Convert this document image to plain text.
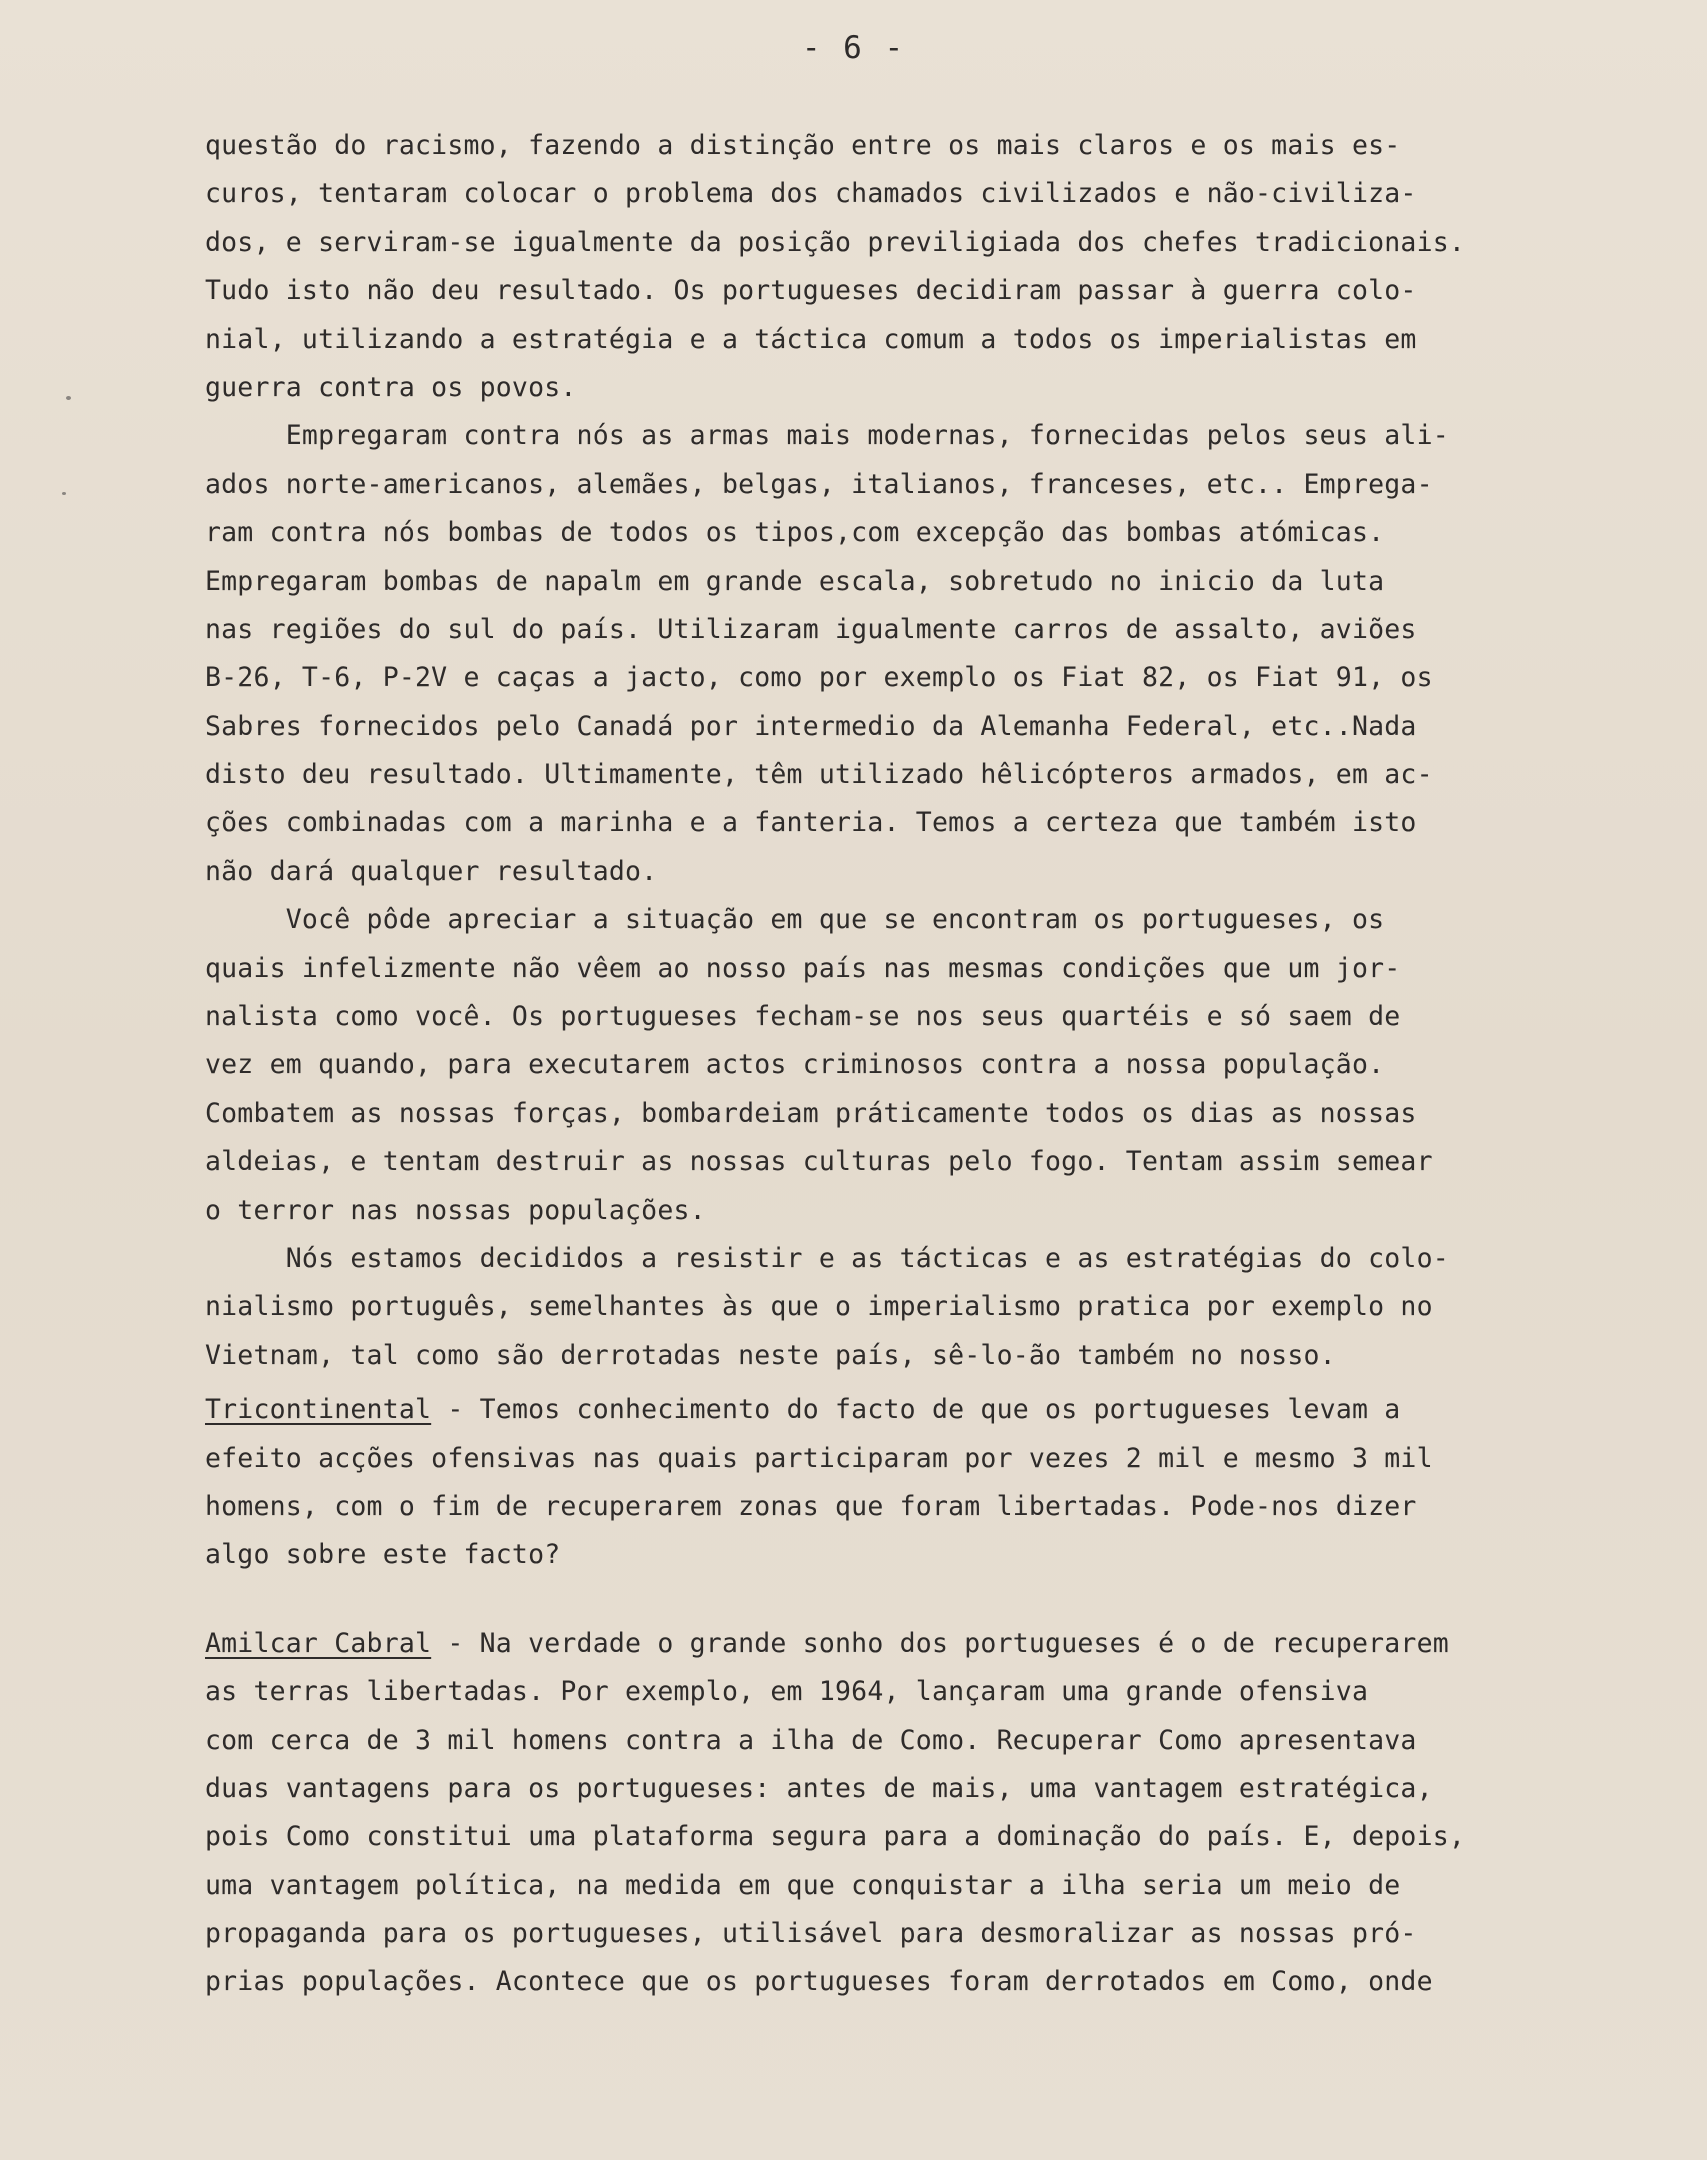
- 6 -
questão do racismo, fazendo a distinção entre os mais claros e os mais es-
curos, tentaram colocar o problema dos chamados civilizados e não-civiliza-
dos, e serviram-se igualmente da posição previligiada dos chefes tradicionais.
Tudo isto não deu resultado. Os portugueses decidiram passar à guerra colo-
nial, utilizando a estratégia e a táctica comum a todos os imperialistas em
guerra contra os povos.
Empregaram contra nós as armas mais modernas, fornecidas pelos seus ali-
ados norte-americanos, alemães, belgas, italianos, franceses, etc.. Emprega-
ram contra nós bombas de todos os tipos,com excepção das bombas atómicas.
Empregaram bombas de napalm em grande escala, sobretudo no inicio da luta
nas regiões do sul do país. Utilizaram igualmente carros de assalto, aviões
B-26, T-6, P-2V e caças a jacto, como por exemplo os Fiat 82, os Fiat 91, os
Sabres fornecidos pelo Canadá por intermedio da Alemanha Federal, etc..Nada
disto deu resultado. Ultimamente, têm utilizado hêlicópteros armados, em ac-
ções combinadas com a marinha e a fanteria. Temos a certeza que também isto
não dará qualquer resultado.
Você pôde apreciar a situação em que se encontram os portugueses, os
quais infelizmente não vêem ao nosso país nas mesmas condições que um jor-
nalista como você. Os portugueses fecham-se nos seus quartéis e só saem de
vez em quando, para executarem actos criminosos contra a nossa população.
Combatem as nossas forças, bombardeiam práticamente todos os dias as nossas
aldeias, e tentam destruir as nossas culturas pelo fogo. Tentam assim semear
o terror nas nossas populações.
Nós estamos decididos a resistir e as tácticas e as estratégias do colo-
nialismo português, semelhantes às que o imperialismo pratica por exemplo no
Vietnam, tal como são derrotadas neste país, sê-lo-ão também no nosso.
Tricontinental - Temos conhecimento do facto de que os portugueses levam a
efeito acções ofensivas nas quais participaram por vezes 2 mil e mesmo 3 mil
homens, com o fim de recuperarem zonas que foram libertadas. Pode-nos dizer
algo sobre este facto?
Amilcar Cabral - Na verdade o grande sonho dos portugueses é o de recuperarem
as terras libertadas. Por exemplo, em 1964, lançaram uma grande ofensiva
com cerca de 3 mil homens contra a ilha de Como. Recuperar Como apresentava
duas vantagens para os portugueses: antes de mais, uma vantagem estratégica,
pois Como constitui uma plataforma segura para a dominação do país. E, depois,
uma vantagem política, na medida em que conquistar a ilha seria um meio de
propaganda para os portugueses, utilisável para desmoralizar as nossas pró-
prias populações. Acontece que os portugueses foram derrotados em Como, onde
